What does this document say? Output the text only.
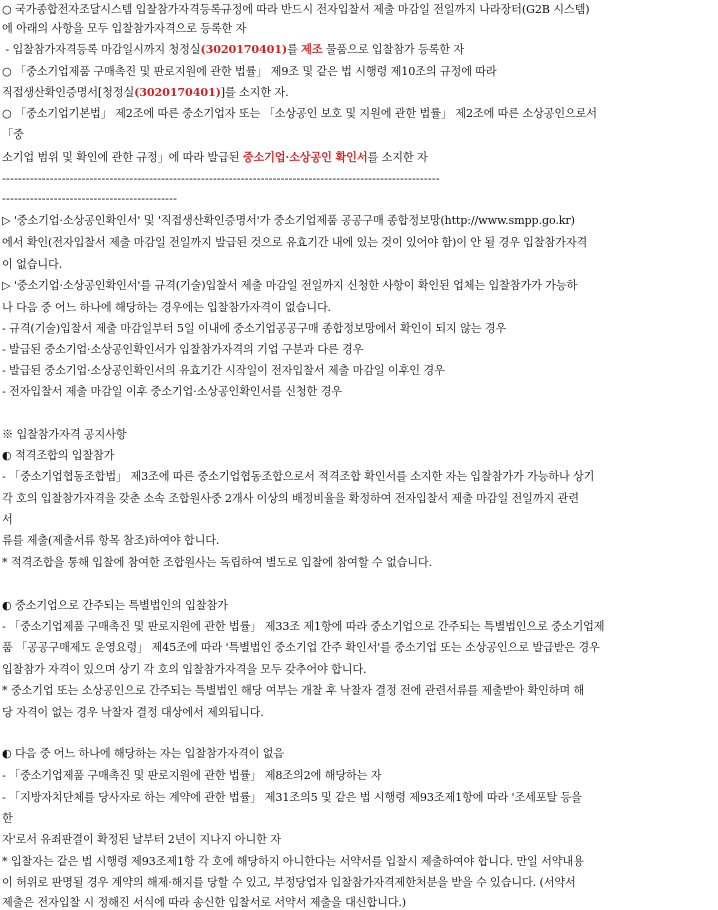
○ 국가종합전자조달시스템 입찰참가자격등록규정에 따라 반드시 전자입찰서 제출 마감일 전일까지 나라장터(G2B 시스템)
에 아래의 사항을 모두 입찰참가자격으로 등록한 자
- 입찰참가자격등록 마감일시까지 청정실(3020170401)를 제조 물품으로 입찰참가 등록한 자
○ 「중소기업제품 구매촉진 및 판로지원에 관한 법률」 제9조 및 같은 법 시행령 제10조의 규정에 따라
직접생산확인증명서[청정실(3020170401)]를 소지한 자.
○ 「중소기업기본법」 제2조에 따른 중소기업자 또는 「소상공인 보호 및 지원에 관한 법률」 제2조에 따른 소상공인으로서
「중
소기업 범위 및 확인에 관한 규정」에 따라 발급된 중소기업·소상공인 확인서를 소지한 자
--------------------------------------------------------------------------------------------------------------
--------------------------------------------
▷ '중소기업·소상공인확인서' 및 '직접생산확인증명서'가 중소기업제품 공공구매 종합정보망(http://www.smpp.go.kr)
에서 확인(전자입찰서 제출 마감일 전일까지 발급된 것으로 유효기간 내에 있는 것이 있어야 함)이 안 될 경우 입찰참가자격
이 없습니다.
▷ '중소기업·소상공인확인서'를 규격(기술)입찰서 제출 마감일 전일까지 신청한 사항이 확인된 업체는 입찰참가가 가능하
나 다음 중 어느 하나에 해당하는 경우에는 입찰참가자격이 없습니다.
- 규격(기술)입찰서 제출 마감일부터 5일 이내에 중소기업공공구매 종합정보망에서 확인이 되지 않는 경우
- 발급된 중소기업·소상공인확인서가 입찰참가자격의 기업 구분과 다른 경우
- 발급된 중소기업·소상공인확인서의 유효기간 시작일이 전자입찰서 제출 마감일 이후인 경우
- 전자입찰서 제출 마감일 이후 중소기업·소상공인확인서를 신청한 경우
※ 입찰참가자격 공지사항
◐ 적격조합의 입찰참가
- 「중소기업협동조합법」 제3조에 따른 중소기업협동조합으로서 적격조합 확인서를 소지한 자는 입찰참가가 가능하나 상기
각 호의 입찰참가자격을 갖춘 소속 조합원사중 2개사 이상의 배정비율을 확정하여 전자입찰서 제출 마감일 전일까지 관련
서
류를 제출(제출서류 항목 참조)하여야 합니다.
* 적격조합을 통해 입찰에 참여한 조합원사는 독립하여 별도로 입찰에 참여할 수 없습니다.
◐ 중소기업으로 간주되는 특별법인의 입찰참가
- 「중소기업제품 구매촉진 및 판로지원에 관한 법률」 제33조 제1항에 따라 중소기업으로 간주되는 특별법인으로 중소기업제
품 「공공구매제도 운영요령」 제45조에 따라 '특별법인 중소기업 간주 확인서'를 중소기업 또는 소상공인으로 발급받은 경우
입찰참가 자격이 있으며 상기 각 호의 입찰참가자격을 모두 갖추어야 합니다.
* 중소기업 또는 소상공인으로 간주되는 특별법인 해당 여부는 개찰 후 낙찰자 결정 전에 관련서류를 제출받아 확인하며 해
당 자격이 없는 경우 낙찰자 결정 대상에서 제외됩니다.
◐ 다음 중 어느 하나에 해당하는 자는 입찰참가자격이 없음
- 「중소기업제품 구매촉진 및 판로지원에 관한 법률」 제8조의2에 해당하는 자
- 「지방자치단체를 당사자로 하는 계약에 관한 법률」 제31조의5 및 같은 법 시행령 제93조제1항에 따라 '조세포탈 등을
한
자'로서 유죄판결이 확정된 날부터 2년이 지나지 아니한 자
* 입찰자는 같은 법 시행령 제93조제1항 각 호에 해당하지 아니한다는 서약서를 입찰시 제출하여야 합니다. 만일 서약내용
이 허위로 판명될 경우 계약의 해제·해지를 당할 수 있고, 부정당업자 입찰참가자격제한처분을 받을 수 있습니다. (서약서
제출은 전자입찰 시 정해진 서식에 따라 송신한 입찰서로 서약서 제출을 대신합니다.)
